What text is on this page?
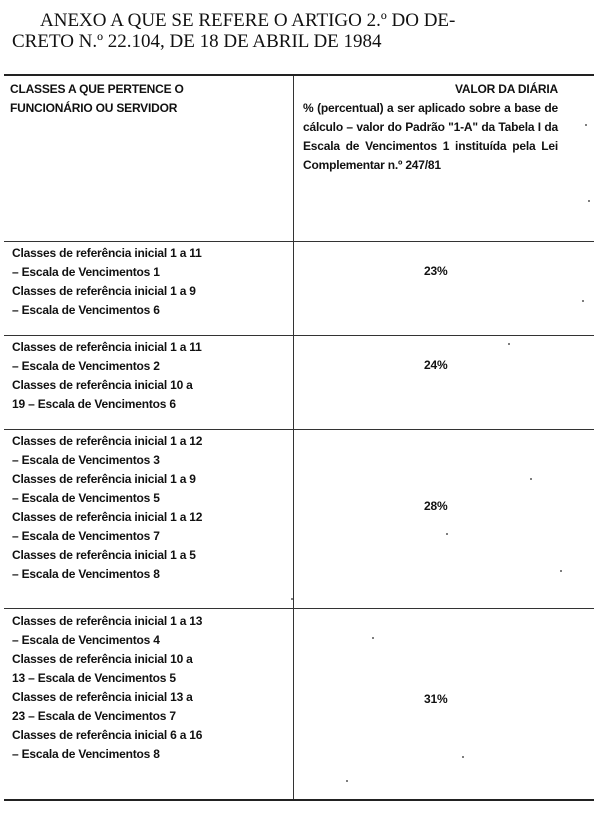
ANEXO A QUE SE REFERE O ARTIGO 2.º DO DE-
CRETO N.º 22.104, DE 18 DE ABRIL DE 1984
CLASSES A QUE PERTENCE O
FUNCIONÁRIO OU SERVIDOR
VALOR DA DIÁRIA
% (percentual) a ser aplicado sobre a base de cálculo – valor do Padrão "1-A" da Tabela I da Escala de Vencimentos 1 instituída pela Lei Complementar n.º 247/81
Classes de referência inicial 1 a 11
– Escala de Vencimentos 1
Classes de referência inicial 1 a 9
– Escala de Vencimentos 6
23%
Classes de referência inicial 1 a 11
– Escala de Vencimentos 2
Classes de referência inicial 10 a
19 – Escala de Vencimentos 6
24%
Classes de referência inicial 1 a 12
– Escala de Vencimentos 3
Classes de referência inicial 1 a 9
– Escala de Vencimentos 5
Classes de referência inicial 1 a 12
– Escala de Vencimentos 7
Classes de referência inicial 1 a 5
– Escala de Vencimentos 8
28%
Classes de referência inicial 1 a 13
– Escala de Vencimentos 4
Classes de referência inicial 10 a
13 – Escala de Vencimentos 5
Classes de referência inicial 13 a
23 – Escala de Vencimentos 7
Classes de referência inicial 6 a 16
– Escala de Vencimentos 8
31%
